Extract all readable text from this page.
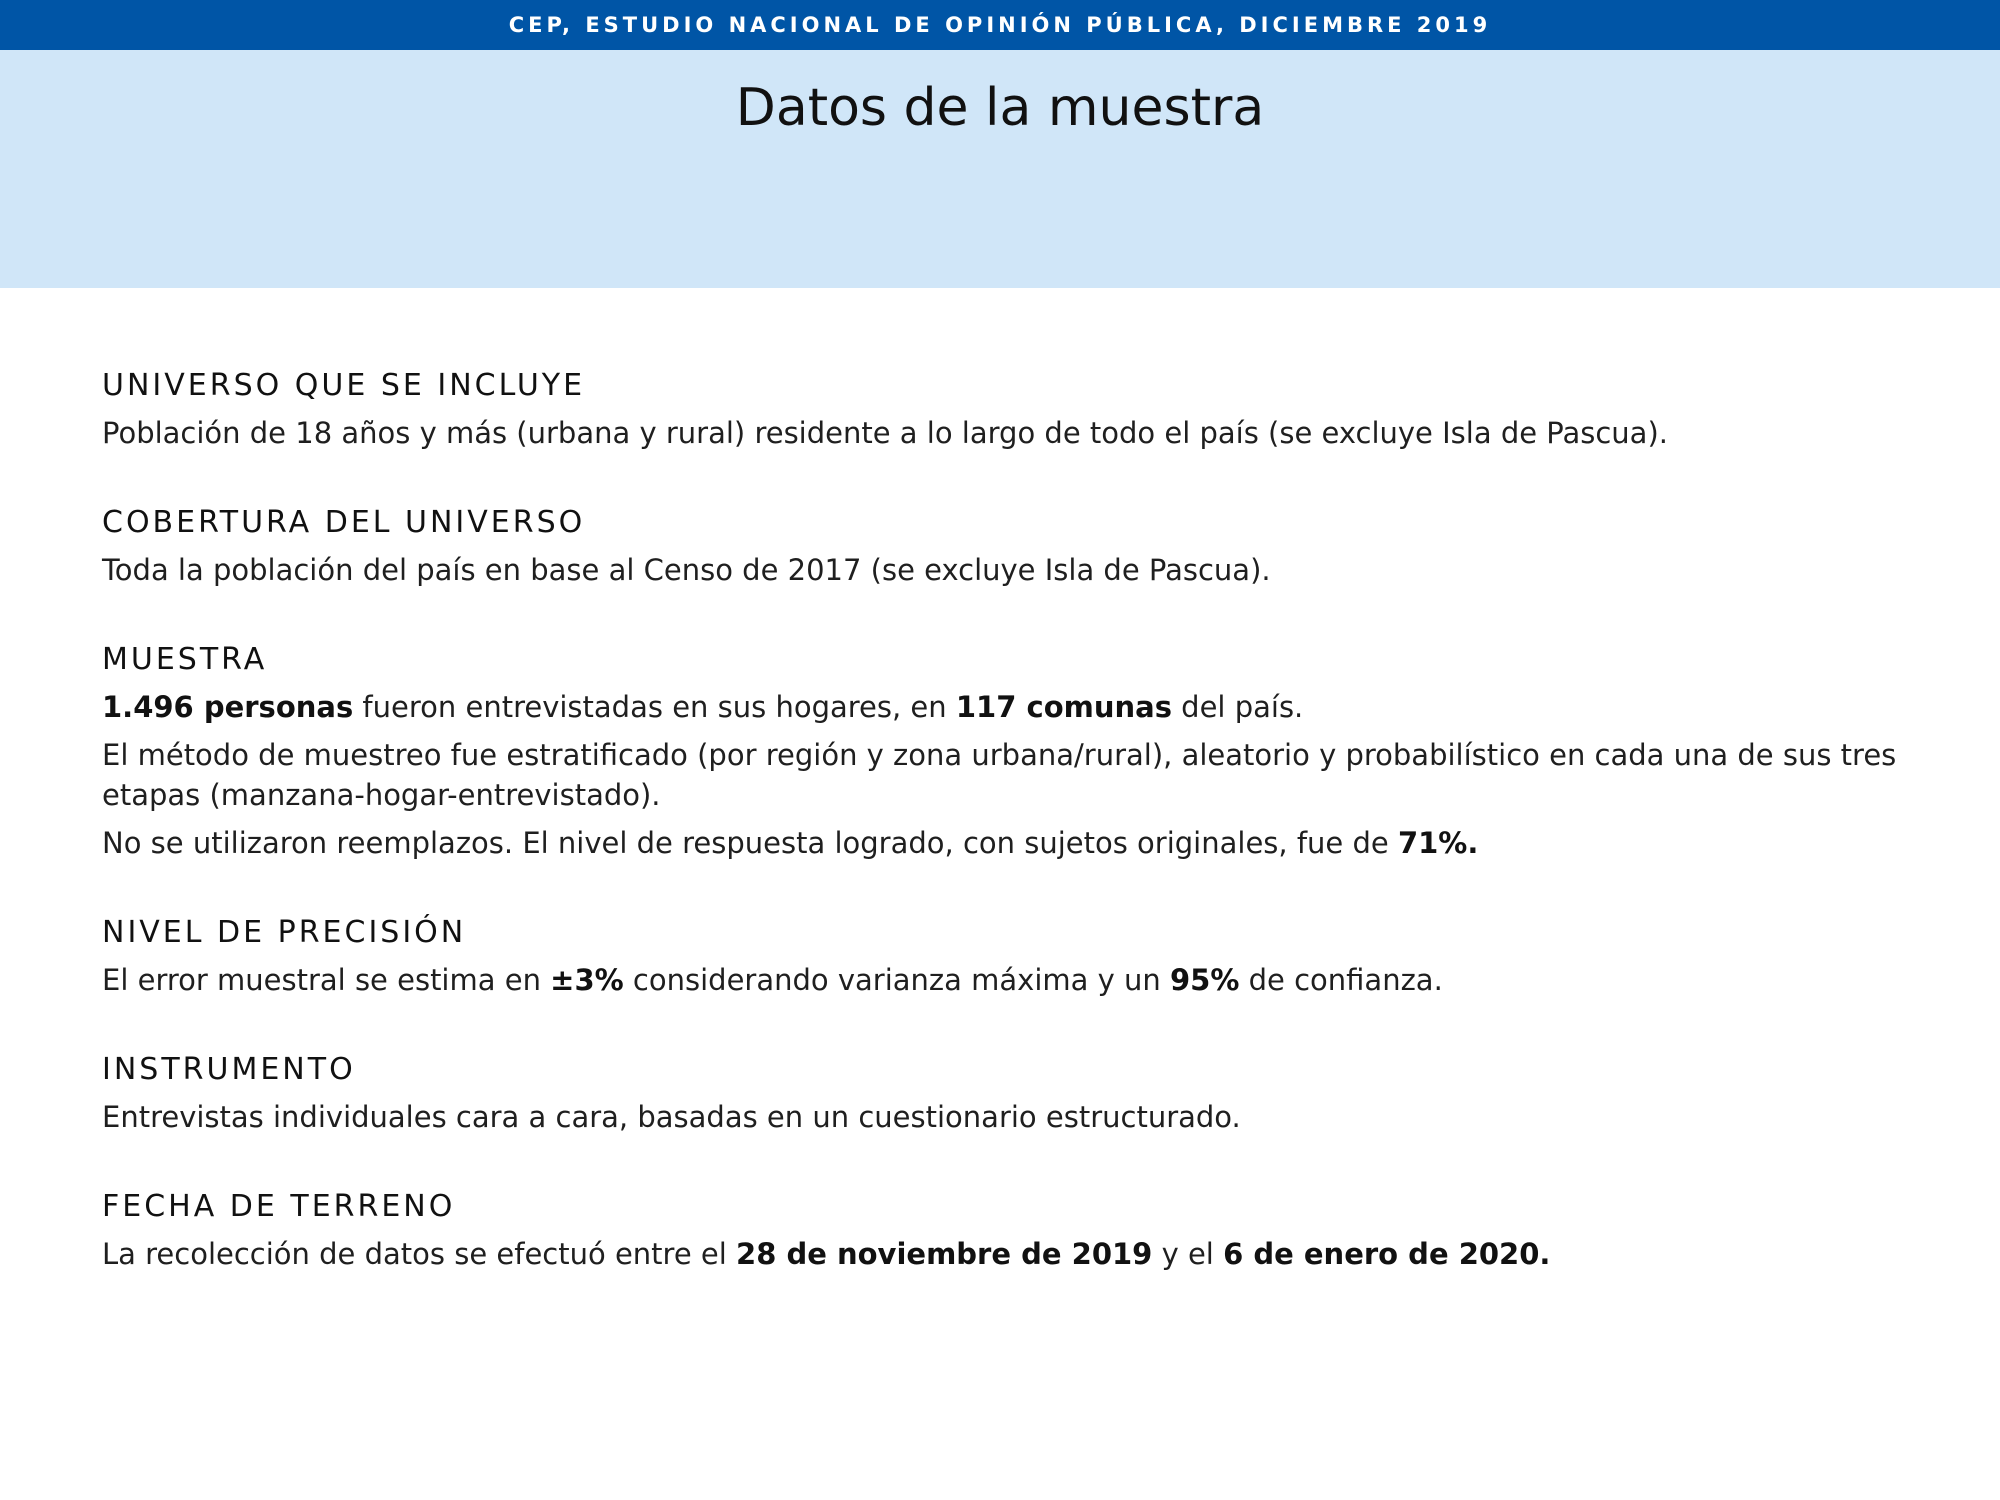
CEP, ESTUDIO NACIONAL DE OPINIÓN PÚBLICA, DICIEMBRE 2019
Datos de la muestra
UNIVERSO QUE SE INCLUYE

Población de 18 años y más (urbana y rural) residente a lo largo de todo el país (se excluye Isla de Pascua).

COBERTURA DEL UNIVERSO

Toda la población del país en base al Censo de 2017 (se excluye Isla de Pascua).

MUESTRA

1.496 personas fueron entrevistadas en sus hogares, en 117 comunas del país.

El método de muestreo fue estratificado (por región y zona urbana/rural), aleatorio y probabilístico en cada una de sus tres etapas (manzana-hogar-entrevistado).

No se utilizaron reemplazos. El nivel de respuesta logrado, con sujetos originales, fue de 71%.

NIVEL DE PRECISIÓN

El error muestral se estima en ±3% considerando varianza máxima y un 95% de confianza.

INSTRUMENTO

Entrevistas individuales cara a cara, basadas en un cuestionario estructurado.

FECHA DE TERRENO

La recolección de datos se efectuó entre el 28 de noviembre de 2019 y el 6 de enero de 2020.
